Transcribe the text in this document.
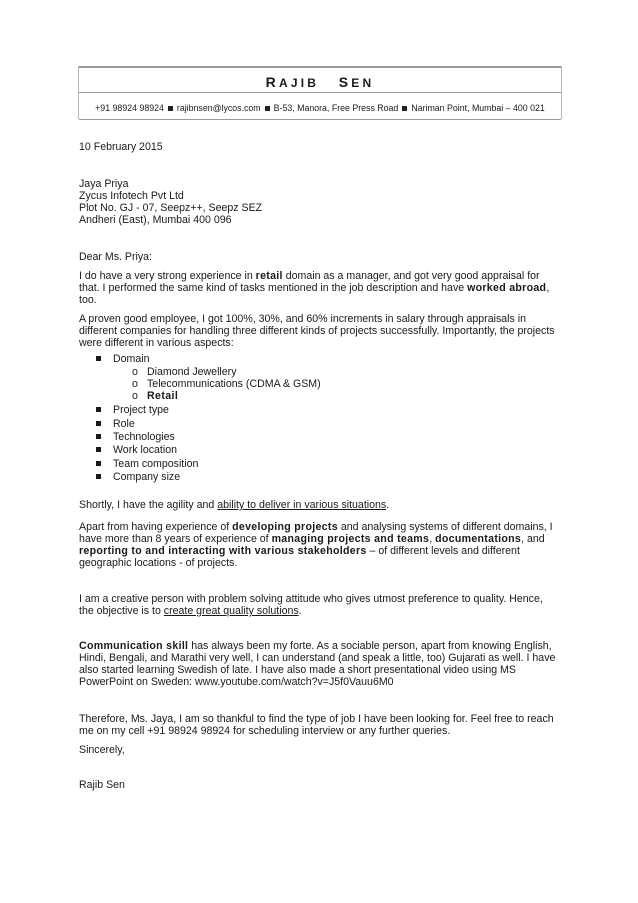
RAJIB SEN
+91 98924 98924 rajibnsen@lycos.com B-53, Manora, Free Press Road Nariman Point, Mumbai – 400 021
10 February 2015
Jaya Priya
Zycus Infotech Pvt Ltd
Plot No. GJ - 07, Seepz++, Seepz SEZ
Andheri (East), Mumbai 400 096
Dear Ms. Priya:
I do have a very strong experience in retail domain as a manager, and got very good appraisal for
that. I performed the same kind of tasks mentioned in the job description and have worked abroad,
too.
A proven good employee, I got 100%, 30%, and 60% increments in salary through appraisals in
different companies for handling three different kinds of projects successfully. Importantly, the projects
were different in various aspects:
Domain
o Diamond Jewellery
o Telecommunications (CDMA & GSM)
o Retail
Project type
Role
Technologies
Work location
Team composition
Company size
Shortly, I have the agility and ability to deliver in various situations.
Apart from having experience of developing projects and analysing systems of different domains, I
have more than 8 years of experience of managing projects and teams, documentations, and
reporting to and interacting with various stakeholders – of different levels and different
geographic locations - of projects.
I am a creative person with problem solving attitude who gives utmost preference to quality. Hence,
the objective is to create great quality solutions.
Communication skill has always been my forte. As a sociable person, apart from knowing English,
Hindi, Bengali, and Marathi very well, I can understand (and speak a little, too) Gujarati as well. I have
also started learning Swedish of late. I have also made a short presentational video using MS
PowerPoint on Sweden: www.youtube.com/watch?v=J5f0Vauu6M0
Therefore, Ms. Jaya, I am so thankful to find the type of job I have been looking for. Feel free to reach
me on my cell +91 98924 98924 for scheduling interview or any further queries.
Sincerely,
Rajib Sen
